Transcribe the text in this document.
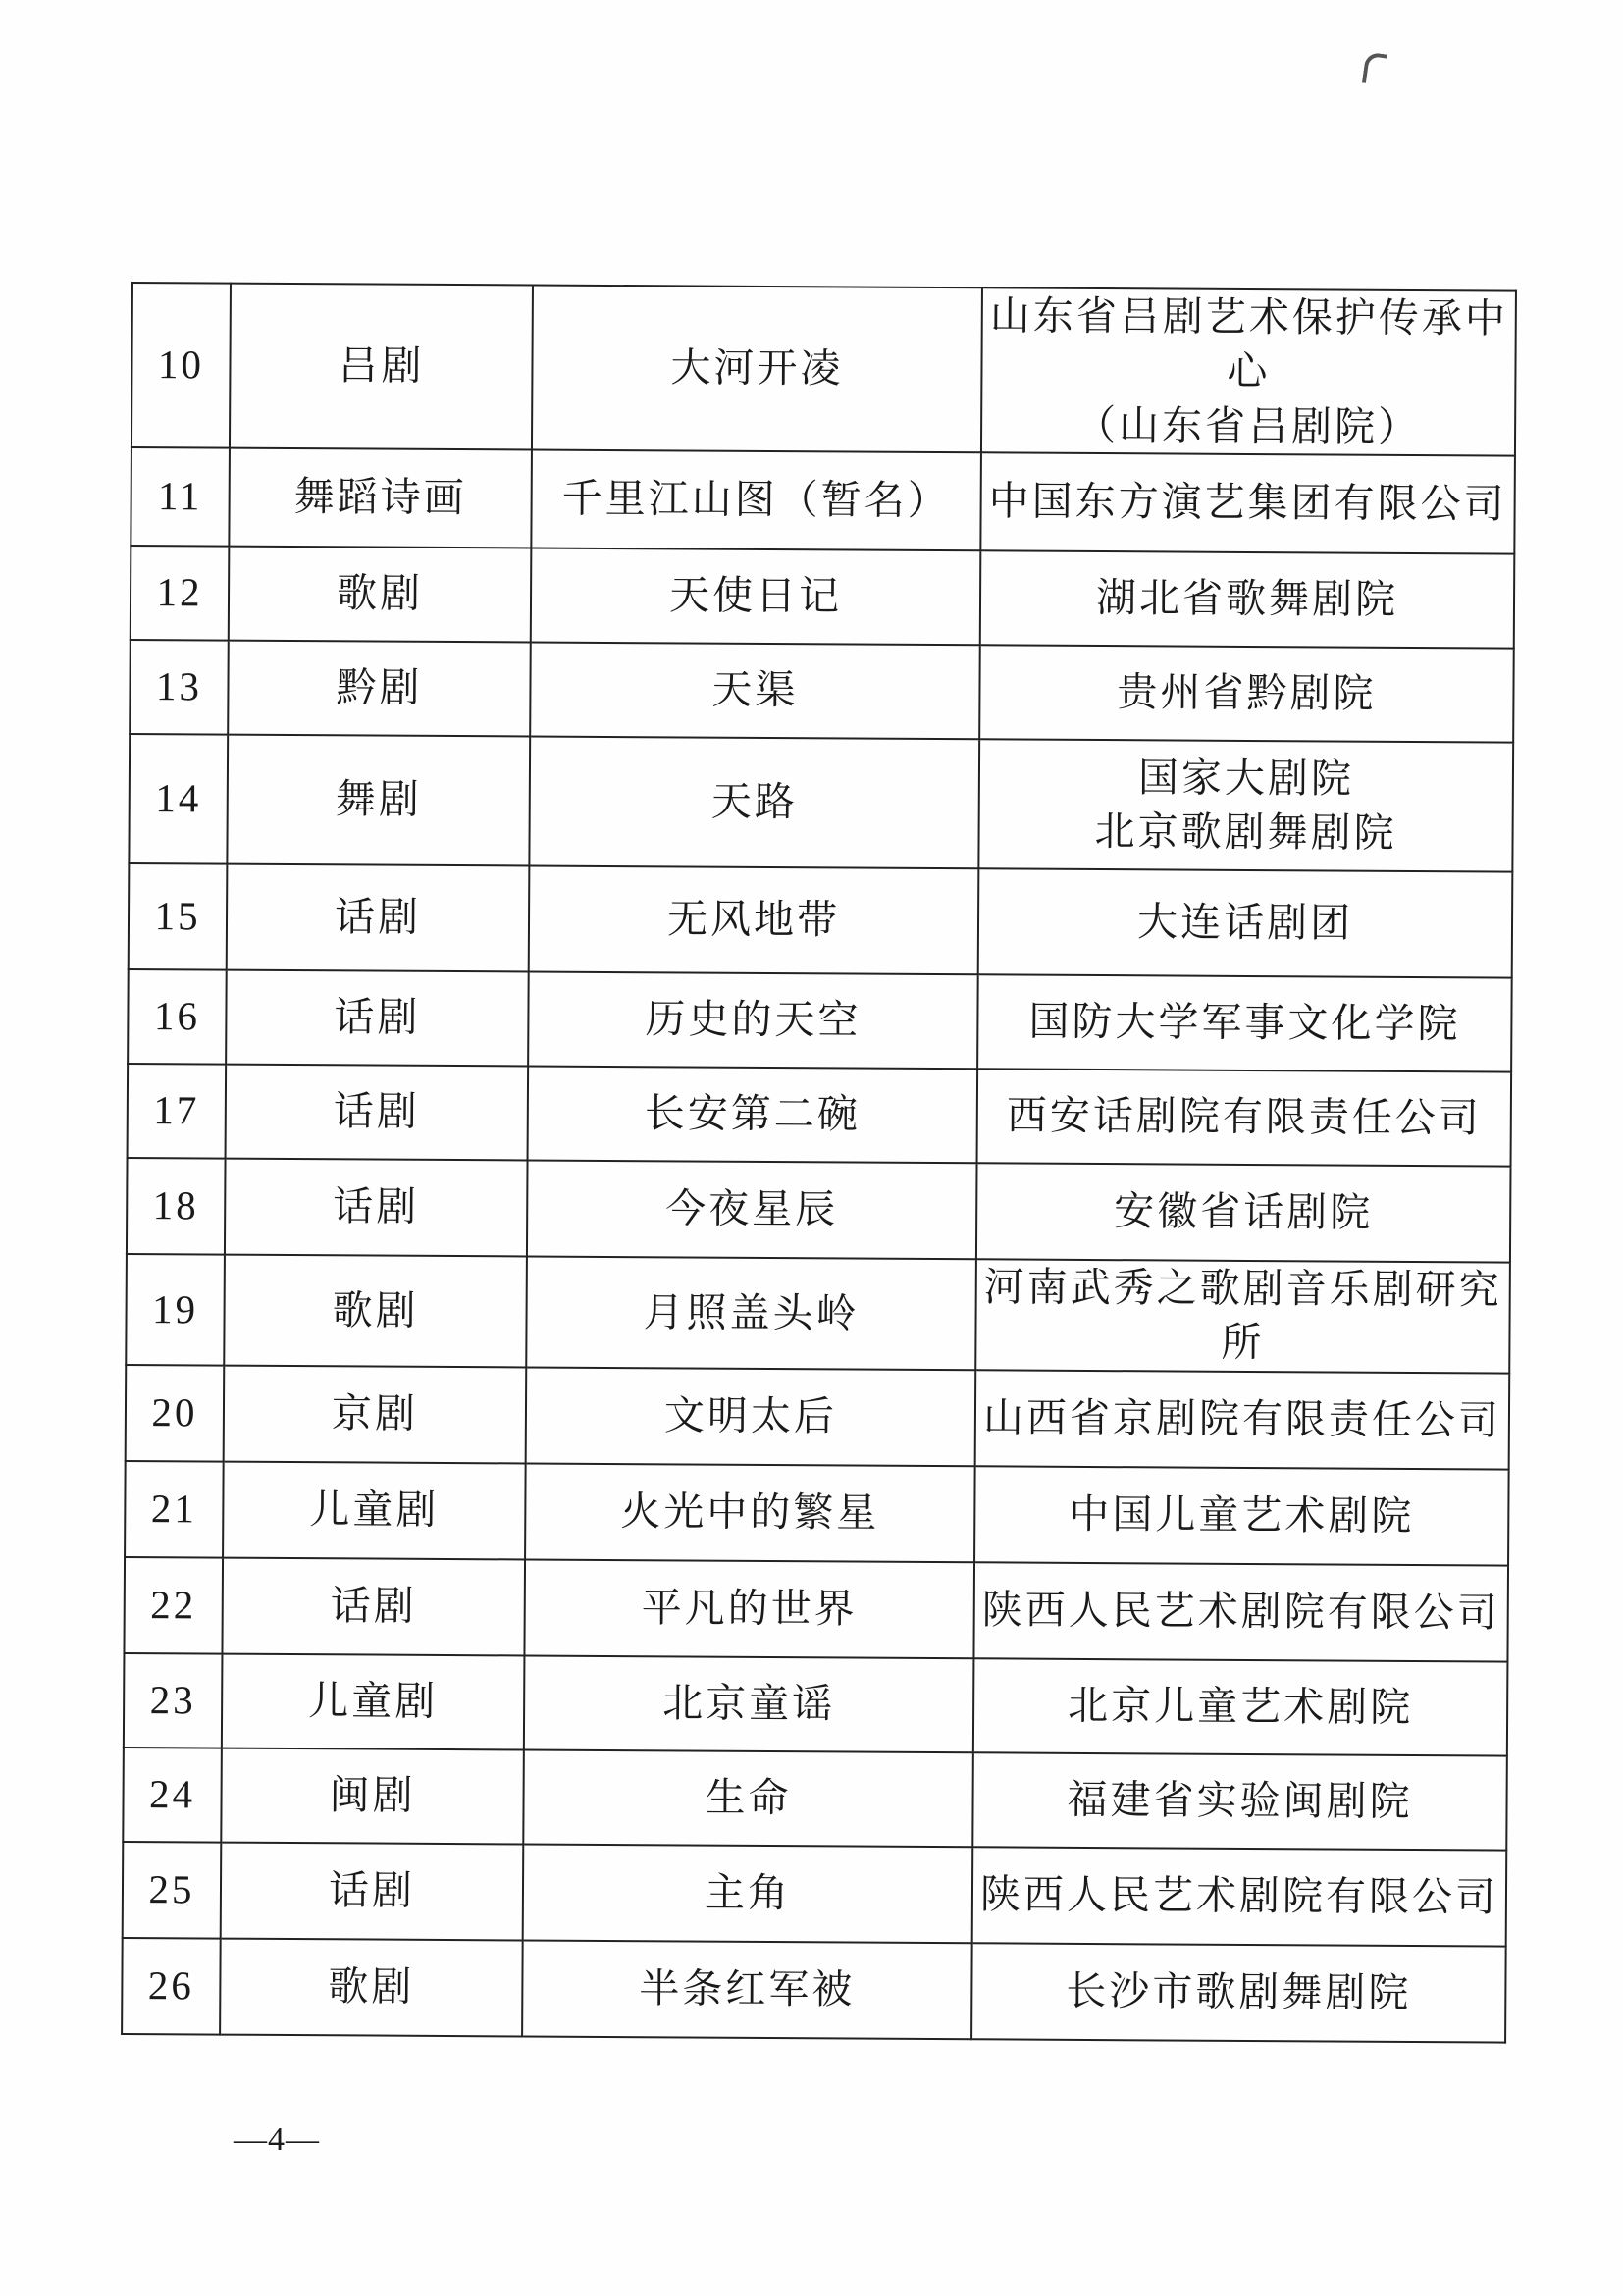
10	吕剧	大河开凌	山东省吕剧艺术保护传承中心
（山东省吕剧院）

11	舞蹈诗画	千里江山图（暂名）	中国东方演艺集团有限公司

12	歌剧	天使日记	湖北省歌舞剧院

13	黔剧	天渠	贵州省黔剧院

14	舞剧	天路	国家大剧院
北京歌剧舞剧院

15	话剧	无风地带	大连话剧团

16	话剧	历史的天空	国防大学军事文化学院

17	话剧	长安第二碗	西安话剧院有限责任公司

18	话剧	今夜星辰	安徽省话剧院

19	歌剧	月照盖头岭	河南武秀之歌剧音乐剧研究所

20	京剧	文明太后	山西省京剧院有限责任公司

21	儿童剧	火光中的繁星	中国儿童艺术剧院

22	话剧	平凡的世界	陕西人民艺术剧院有限公司

23	儿童剧	北京童谣	北京儿童艺术剧院

24	闽剧	生命	福建省实验闽剧院

25	话剧	主角	陕西人民艺术剧院有限公司

26	歌剧	半条红军被	长沙市歌剧舞剧院
—4—
